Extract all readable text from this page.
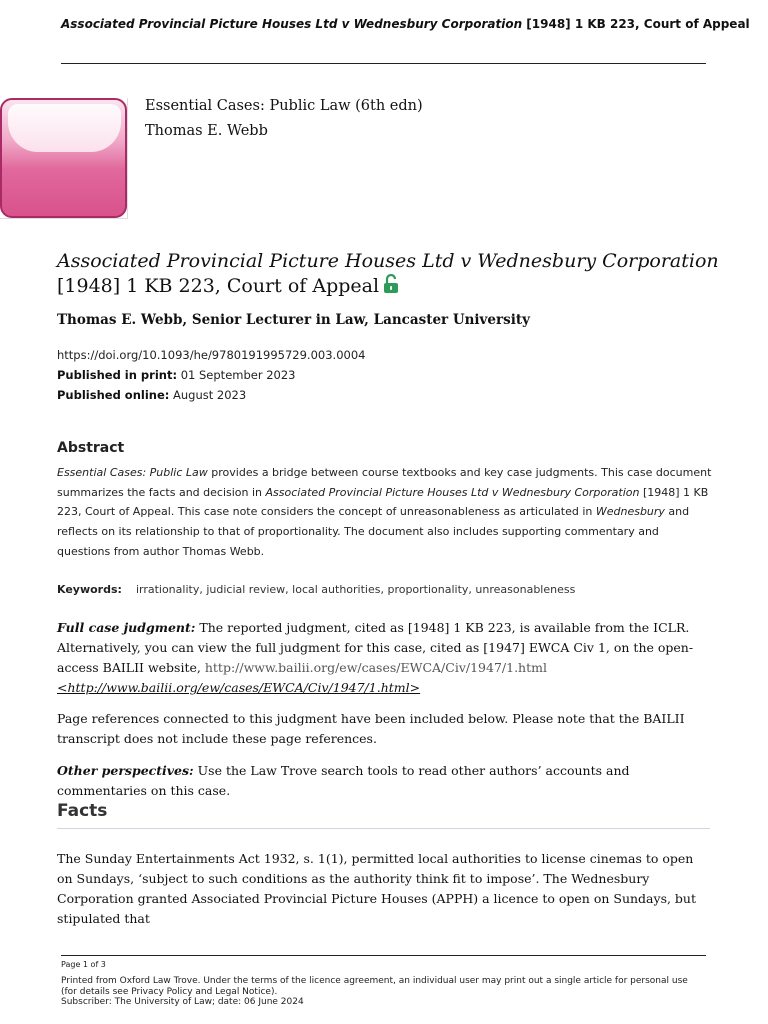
Associated Provincial Picture Houses Ltd v Wednesbury Corporation [1948] 1 KB 223, Court of Appeal
Essential Cases: Public Law (6th edn)
Thomas E. Webb
Associated Provincial Picture Houses Ltd v Wednesbury Corporation
[1948] 1 KB 223, Court of Appeal
Thomas E. Webb, Senior Lecturer in Law, Lancaster University
https://doi.org/10.1093/he/9780191995729.003.0004
Published in print: 01 September 2023
Published online: August 2023
Abstract
Essential Cases: Public Law provides a bridge between course textbooks and key case judgments. This case document summarizes the facts and decision in Associated Provincial Picture Houses Ltd v Wednesbury Corporation [1948] 1 KB 223, Court of Appeal. This case note considers the concept of unreasonableness as articulated in Wednesbury and reflects on its relationship to that of proportionality. The document also includes supporting commentary and questions from author Thomas Webb.
Keywords: irrationality, judicial review, local authorities, proportionality, unreasonableness
Full case judgment: The reported judgment, cited as [1948] 1 KB 223, is available from the ICLR. Alternatively, you can view the full judgment for this case, cited as [1947] EWCA Civ 1, on the open-access BAILII website, http://www.bailii.org/ew/cases/EWCA/Civ/1947/1.html <http://www.bailii.org/ew/cases/EWCA/Civ/1947/1.html>
Page references connected to this judgment have been included below. Please note that the BAILII transcript does not include these page references.
Other perspectives: Use the Law Trove search tools to read other authors’ accounts and commentaries on this case.
Facts
The Sunday Entertainments Act 1932, s. 1(1), permitted local authorities to license cinemas to open on Sundays, ‘subject to such conditions as the authority think fit to impose’. The Wednesbury Corporation granted Associated Provincial Picture Houses (APPH) a licence to open on Sundays, but stipulated that
Page 1 of 3
Printed from Oxford Law Trove. Under the terms of the licence agreement, an individual user may print out a single article for personal use (for details see Privacy Policy and Legal Notice).
Subscriber: The University of Law; date: 06 June 2024
